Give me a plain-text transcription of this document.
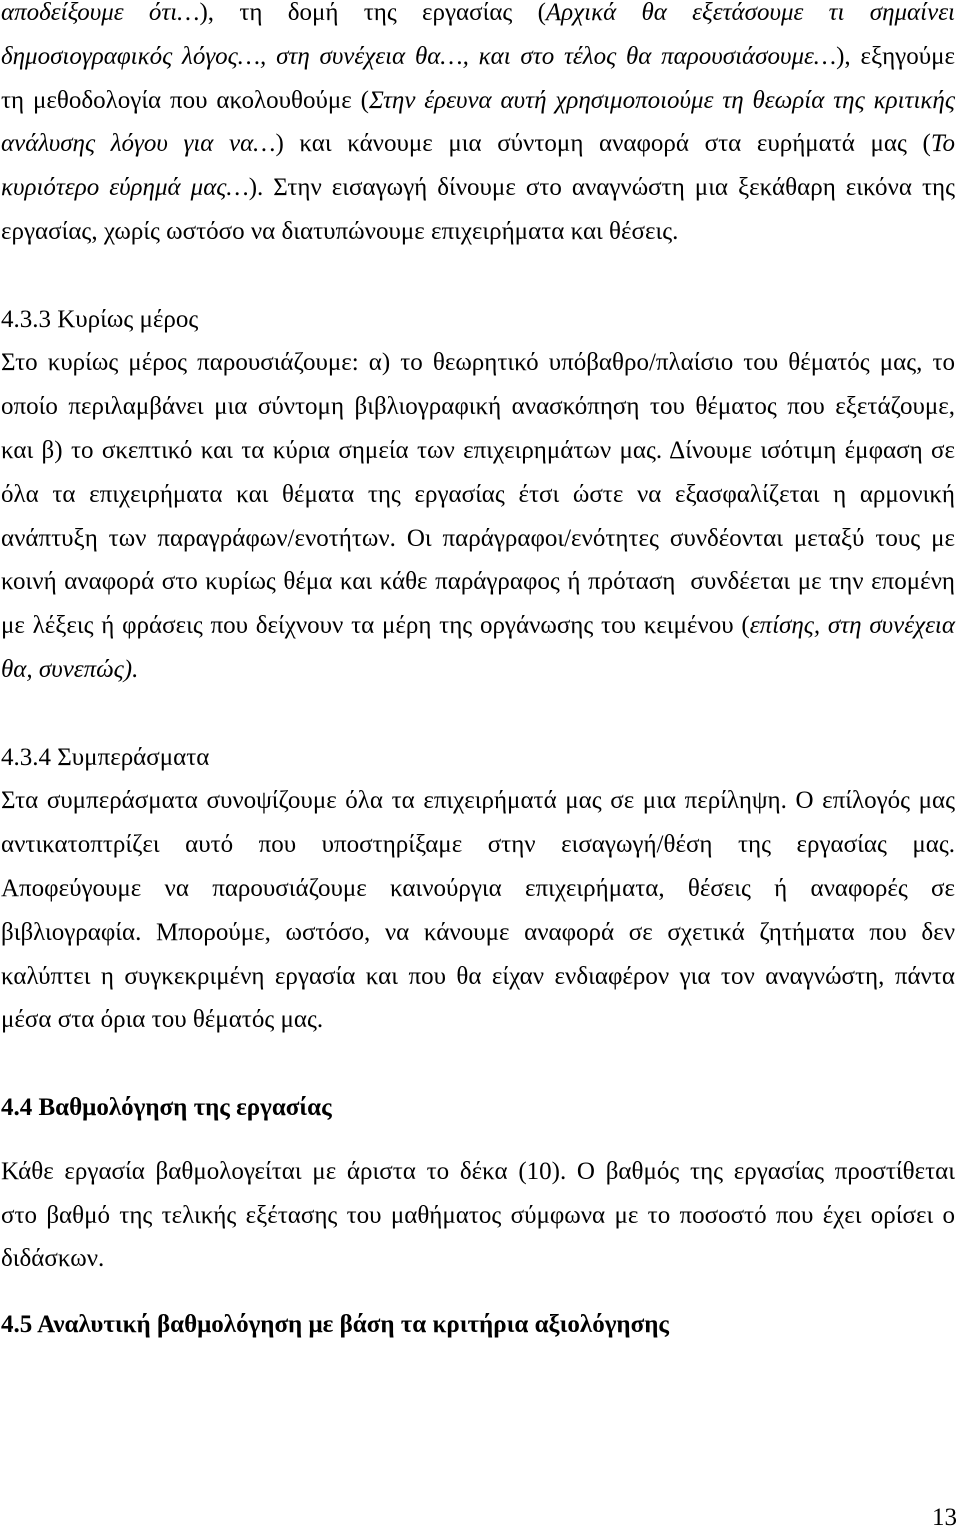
αποδείξουμε ότι…), τη δομή της εργασίας (Αρχικά θα εξετάσουμε τι σημαίνει
δημοσιογραφικός λόγος…, στη συνέχεια θα…, και στο τέλος θα παρουσιάσουμε…), εξηγούμε
τη μεθοδολογία που ακολουθούμε (Στην έρευνα αυτή χρησιμοποιούμε τη θεωρία της κριτικής
ανάλυσης λόγου για να…) και κάνουμε μια σύντομη αναφορά στα ευρήματά μας (Το
κυριότερο εύρημά μας…). Στην εισαγωγή δίνουμε στο αναγνώστη μια ξεκάθαρη εικόνα της
εργασίας, χωρίς ωστόσο να διατυπώνουμε επιχειρήματα και θέσεις.
4.3.3 Κυρίως μέρος
Στο κυρίως μέρος παρουσιάζουμε: α) το θεωρητικό υπόβαθρο/πλαίσιο του θέματός μας, το
οποίο περιλαμβάνει μια σύντομη βιβλιογραφική ανασκόπηση του θέματος που εξετάζουμε,
και β) το σκεπτικό και τα κύρια σημεία των επιχειρημάτων μας. Δίνουμε ισότιμη έμφαση σε
όλα τα επιχειρήματα και θέματα της εργασίας έτσι ώστε να εξασφαλίζεται η αρμονική
ανάπτυξη των παραγράφων/ενοτήτων. Οι παράγραφοι/ενότητες συνδέονται μεταξύ τους με
κοινή αναφορά στο κυρίως θέμα και κάθε παράγραφος ή πρόταση  συνδέεται με την επομένη
με λέξεις ή φράσεις που δείχνουν τα μέρη της οργάνωσης του κειμένου (επίσης, στη συνέχεια
θα, συνεπώς).
4.3.4 Συμπεράσματα
Στα συμπεράσματα συνοψίζουμε όλα τα επιχειρήματά μας σε μια περίληψη. Ο επίλογός μας
αντικατοπτρίζει αυτό που υποστηρίξαμε στην εισαγωγή/θέση της εργασίας μας.
Αποφεύγουμε να παρουσιάζουμε καινούργια επιχειρήματα, θέσεις ή αναφορές σε
βιβλιογραφία. Μπορούμε, ωστόσο, να κάνουμε αναφορά σε σχετικά ζητήματα που δεν
καλύπτει η συγκεκριμένη εργασία και που θα είχαν ενδιαφέρον για τον αναγνώστη, πάντα
μέσα στα όρια του θέματός μας.
4.4 Βαθμολόγηση της εργασίας
Κάθε εργασία βαθμολογείται με άριστα το δέκα (10). Ο βαθμός της εργασίας προστίθεται
στο βαθμό της τελικής εξέτασης του μαθήματος σύμφωνα με το ποσοστό που έχει ορίσει ο
διδάσκων.
4.5 Αναλυτική βαθμολόγηση με βάση τα κριτήρια αξιολόγησης
13
